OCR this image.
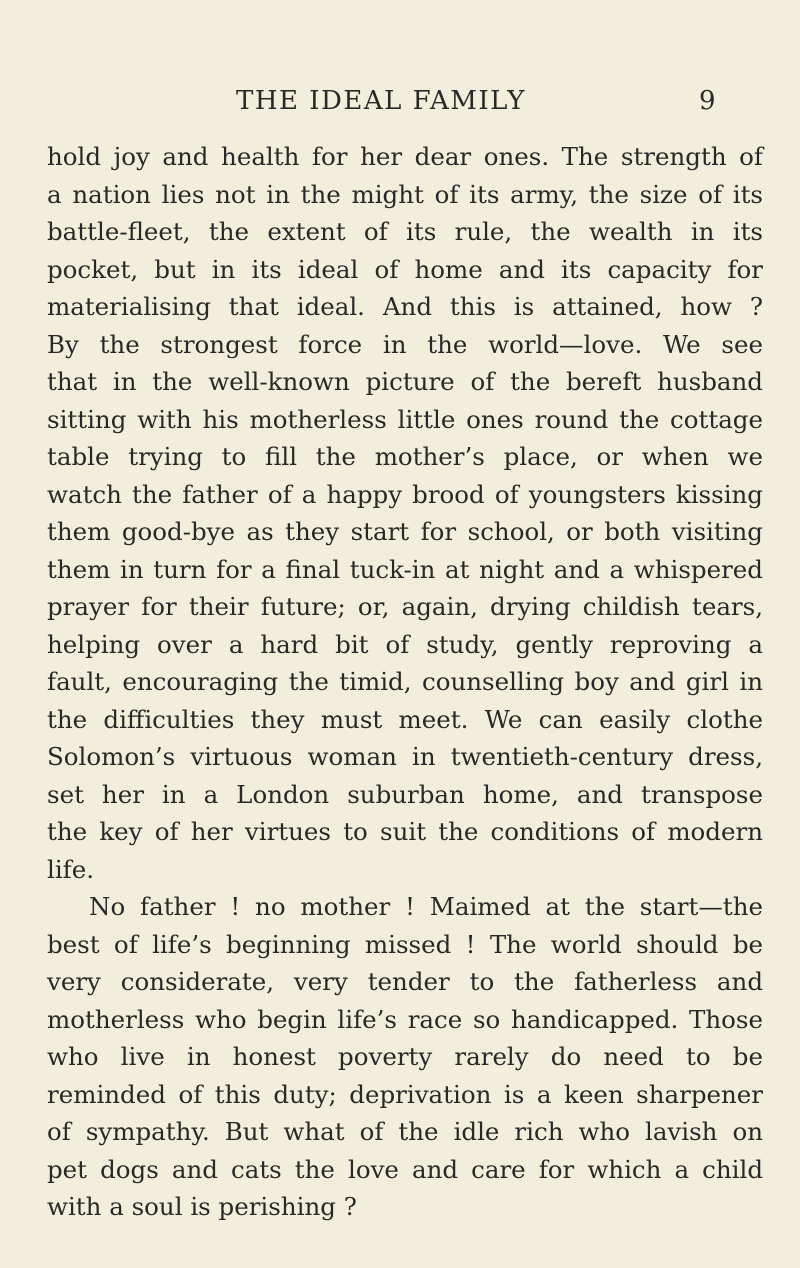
THE IDEAL FAMILY	9
hold joy and health for her dear ones. The strength of
a nation lies not in the might of its army, the size of its
battle-fleet, the extent of its rule, the wealth in its
pocket, but in its ideal of home and its capacity for
materialising that ideal. And this is attained, how ?
By the strongest force in the world—love. We see
that in the well-known picture of the bereft husband
sitting with his motherless little ones round the cottage
table trying to fill the mother’s place, or when we
watch the father of a happy brood of youngsters kissing
them good-bye as they start for school, or both visiting
them in turn for a final tuck-in at night and a whispered
prayer for their future; or, again, drying childish tears,
helping over a hard bit of study, gently reproving a
fault, encouraging the timid, counselling boy and girl in
the difficulties they must meet. We can easily clothe
Solomon’s virtuous woman in twentieth-century dress,
set her in a London suburban home, and transpose
the key of her virtues to suit the conditions of modern
life.
No father ! no mother ! Maimed at the start—the
best of life’s beginning missed ! The world should be
very considerate, very tender to the fatherless and
motherless who begin life’s race so handicapped. Those
who live in honest poverty rarely do need to be
reminded of this duty; deprivation is a keen sharpener
of sympathy. But what of the idle rich who lavish on
pet dogs and cats the love and care for which a child
with a soul is perishing ?
